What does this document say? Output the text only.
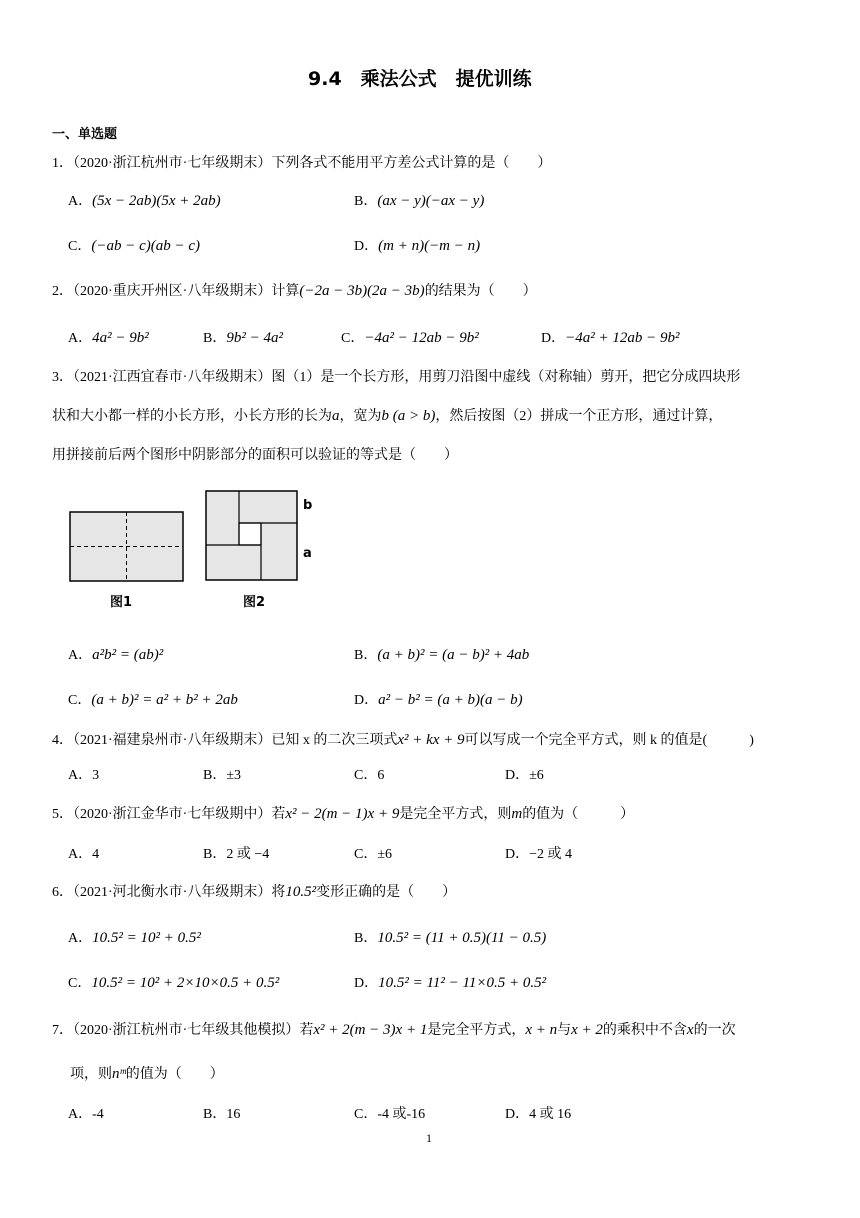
9.4　乘法公式　提优训练
一、单选题
1．（2020·浙江杭州市·七年级期末）下列各式不能用平方差公式计算的是（　　）
A．(5x − 2ab)(5x + 2ab)	B．(ax − y)(−ax − y)
C．(−ab − c)(ab − c)	D．(m + n)(−m − n)
2．（2020·重庆开州区·八年级期末）计算(−2a − 3b)(2a − 3b)的结果为（　　）
A．4a² − 9b²	B．9b² − 4a²	C．−4a² − 12ab − 9b²	D．−4a² + 12ab − 9b²
3．（2021·江西宜春市·八年级期末）图（1）是一个长方形，用剪刀沿图中虚线（对称轴）剪开，把它分成四块形
状和大小都一样的小长方形，小长方形的长为a，宽为b (a > b)，然后按图（2）拼成一个正方形，通过计算，
用拼接前后两个图形中阴影部分的面积可以验证的等式是（　　）
图1
b
a
图2
A．a²b² = (ab)²	B．(a + b)² = (a − b)² + 4ab
C．(a + b)² = a² + b² + 2ab	D．a² − b² = (a + b)(a − b)
4．（2021·福建泉州市·八年级期末）已知 x 的二次三项式x² + kx + 9可以写成一个完全平方式，则 k 的值是(　　　)
A．3	B．±3	C．6	D．±6
5．（2020·浙江金华市·七年级期中）若x² − 2(m − 1)x + 9是完全平方式，则m的值为（　　　）
A．4	B．2 或 −4	C．±6	D．−2 或 4
6．（2021·河北衡水市·八年级期末）将10.5²变形正确的是（　　）
A．10.5² = 10² + 0.5²	B．10.5² = (11 + 0.5)(11 − 0.5)
C．10.5² = 10² + 2×10×0.5 + 0.5²	D．10.5² = 11² − 11×0.5 + 0.5²
7．（2020·浙江杭州市·七年级其他模拟）若x² + 2(m − 3)x + 1是完全平方式，x + n与x + 2的乘积中不含x的一次
项，则nᵐ的值为（　　）
A．-4	B．16	C．-4 或-16	D．4 或 16
1
